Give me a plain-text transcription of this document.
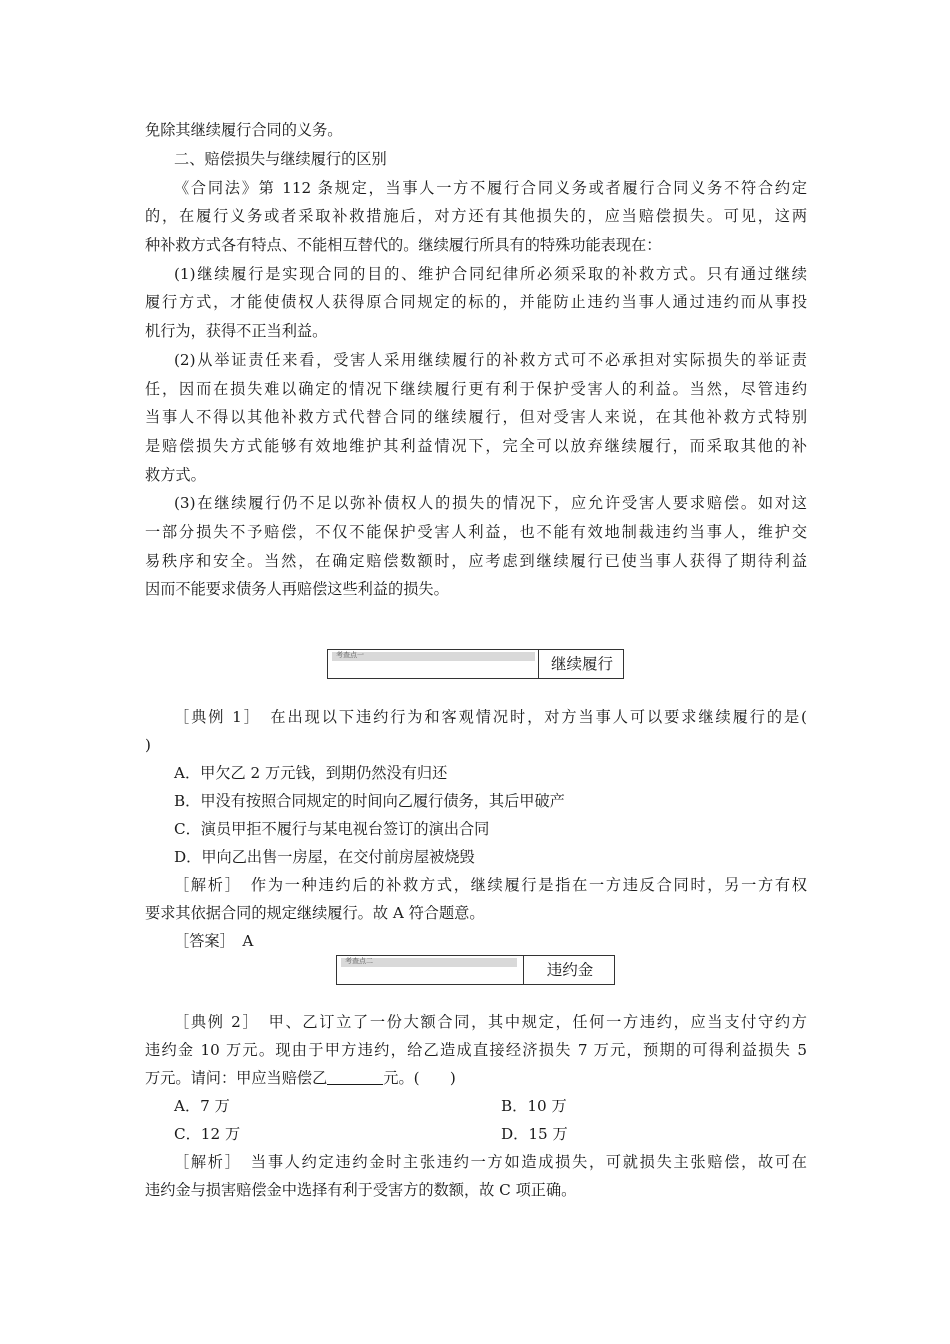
免除其继续履行合同的义务。
二、赔偿损失与继续履行的区别
《合同法》第 112 条规定，当事人一方不履行合同义务或者履行合同义务不符合约定
的，在履行义务或者采取补救措施后，对方还有其他损失的，应当赔偿损失。可见，这两
种补救方式各有特点、不能相互替代的。继续履行所具有的特殊功能表现在：
(1)继续履行是实现合同的目的、维护合同纪律所必须采取的补救方式。只有通过继续
履行方式，才能使债权人获得原合同规定的标的，并能防止违约当事人通过违约而从事投
机行为，获得不正当利益。
(2)从举证责任来看，受害人采用继续履行的补救方式可不必承担对实际损失的举证责
任，因而在损失难以确定的情况下继续履行更有利于保护受害人的利益。当然，尽管违约
当事人不得以其他补救方式代替合同的继续履行，但对受害人来说，在其他补救方式特别
是赔偿损失方式能够有效地维护其利益情况下，完全可以放弃继续履行，而采取其他的补
救方式。
(3)在继续履行仍不足以弥补债权人的损失的情况下，应允许受害人要求赔偿。如对这
一部分损失不予赔偿，不仅不能保护受害人利益，也不能有效地制裁违约当事人，维护交
易秩序和安全。当然，在确定赔偿数额时，应考虑到继续履行已使当事人获得了期待利益
因而不能要求债务人再赔偿这些利益的损失。
考查点一	继续履行
［典例 1］　在出现以下违约行为和客观情况时，对方当事人可以要求继续履行的是(
)
A．甲欠乙 2 万元钱，到期仍然没有归还
B．甲没有按照合同规定的时间向乙履行债务，其后甲破产
C．演员甲拒不履行与某电视台签订的演出合同
D．甲向乙出售一房屋，在交付前房屋被烧毁
［解析］　作为一种违约后的补救方式，继续履行是指在一方违反合同时，另一方有权
要求其依据合同的规定继续履行。故 A 符合题意。
［答案］　A
考查点二	违约金
［典例 2］　甲、乙订立了一份大额合同，其中规定，任何一方违约，应当支付守约方
违约金 10 万元。现由于甲方违约，给乙造成直接经济损失 7 万元，预期的可得利益损失 5
万元。请问：甲应当赔偿乙	元。(　　)
A．7 万	B．10 万
C．12 万	D．15 万
［解析］　当事人约定违约金时主张违约一方如造成损失，可就损失主张赔偿，故可在
违约金与损害赔偿金中选择有利于受害方的数额，故 C 项正确。
